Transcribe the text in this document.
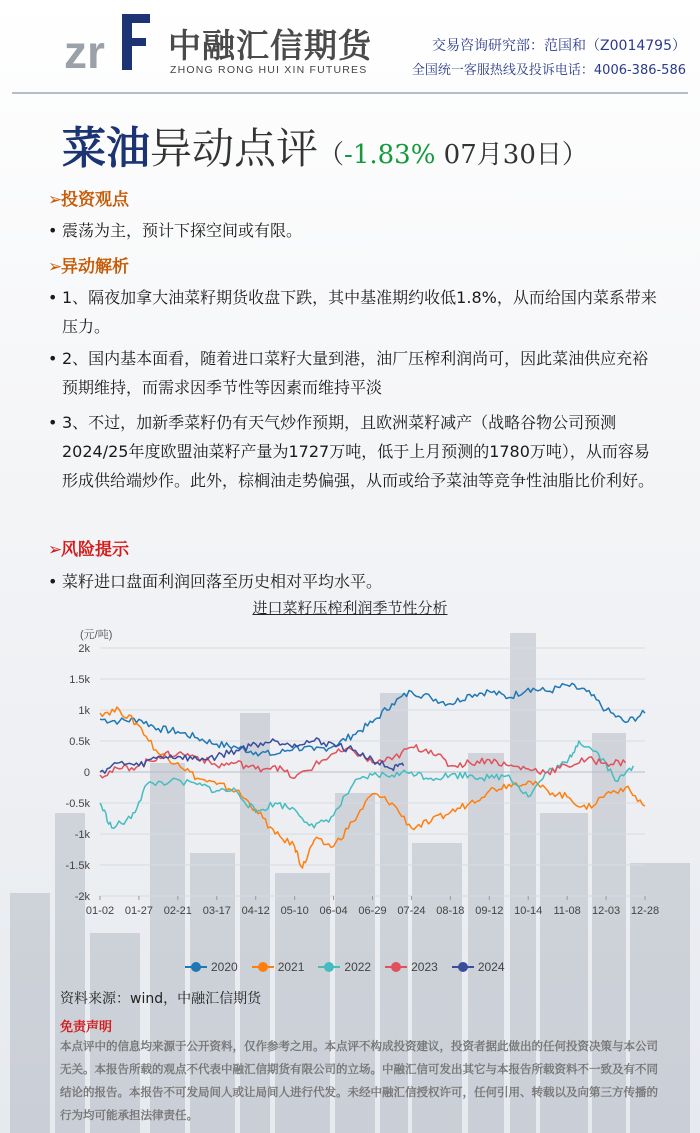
zr 中融汇信期货
ZHONG RONG HUI XIN FUTURES
交易咨询研究部：范国和（Z0014795）
全国统一客服热线及投诉电话：4006-386-586
菜油异动点评（-1.83% 07月30日）
➢投资观点
• 震荡为主，预计下探空间或有限。
➢异动解析
• 1、隔夜加拿大油菜籽期货收盘下跌，其中基准期约收低1.8%，从而给国内菜系带来压力。
• 2、国内基本面看，随着进口菜籽大量到港，油厂压榨利润尚可，因此菜油供应充裕预期维持，而需求因季节性等因素而维持平淡
• 3、不过，加新季菜籽仍有天气炒作预期，且欧洲菜籽减产（战略谷物公司预测2024/25年度欧盟油菜籽产量为1727万吨，低于上月预测的1780万吨），从而容易形成供给端炒作。此外，棕榈油走势偏强，从而或给予菜油等竞争性油脂比价利好。
➢风险提示
• 菜籽进口盘面利润回落至历史相对平均水平。
进口菜籽压榨利润季节性分析
(元/吨)
2k
1.5k
1k
0.5k
0
-0.5k
-1k
-1.5k
-2k
01-02 01-27 02-21 03-17 04-12 05-10 06-04 06-29 07-24 08-18 09-12 10-14 11-08 12-03 12-28
2020	2021	2022	2023	2024
资料来源：wind，中融汇信期货
免责声明
本点评中的信息均来源于公开资料，仅作参考之用。本点评不构成投资建议，投资者据此做出的任何投资决策与本公司无关。本报告所载的观点不代表中融汇信期货有限公司的立场。中融汇信可发出其它与本报告所载资料不一致及有不同结论的报告。本报告不可发局间人或让局间人进行代发。未经中融汇信授权许可，任何引用、转载以及向第三方传播的行为均可能承担法律责任。
